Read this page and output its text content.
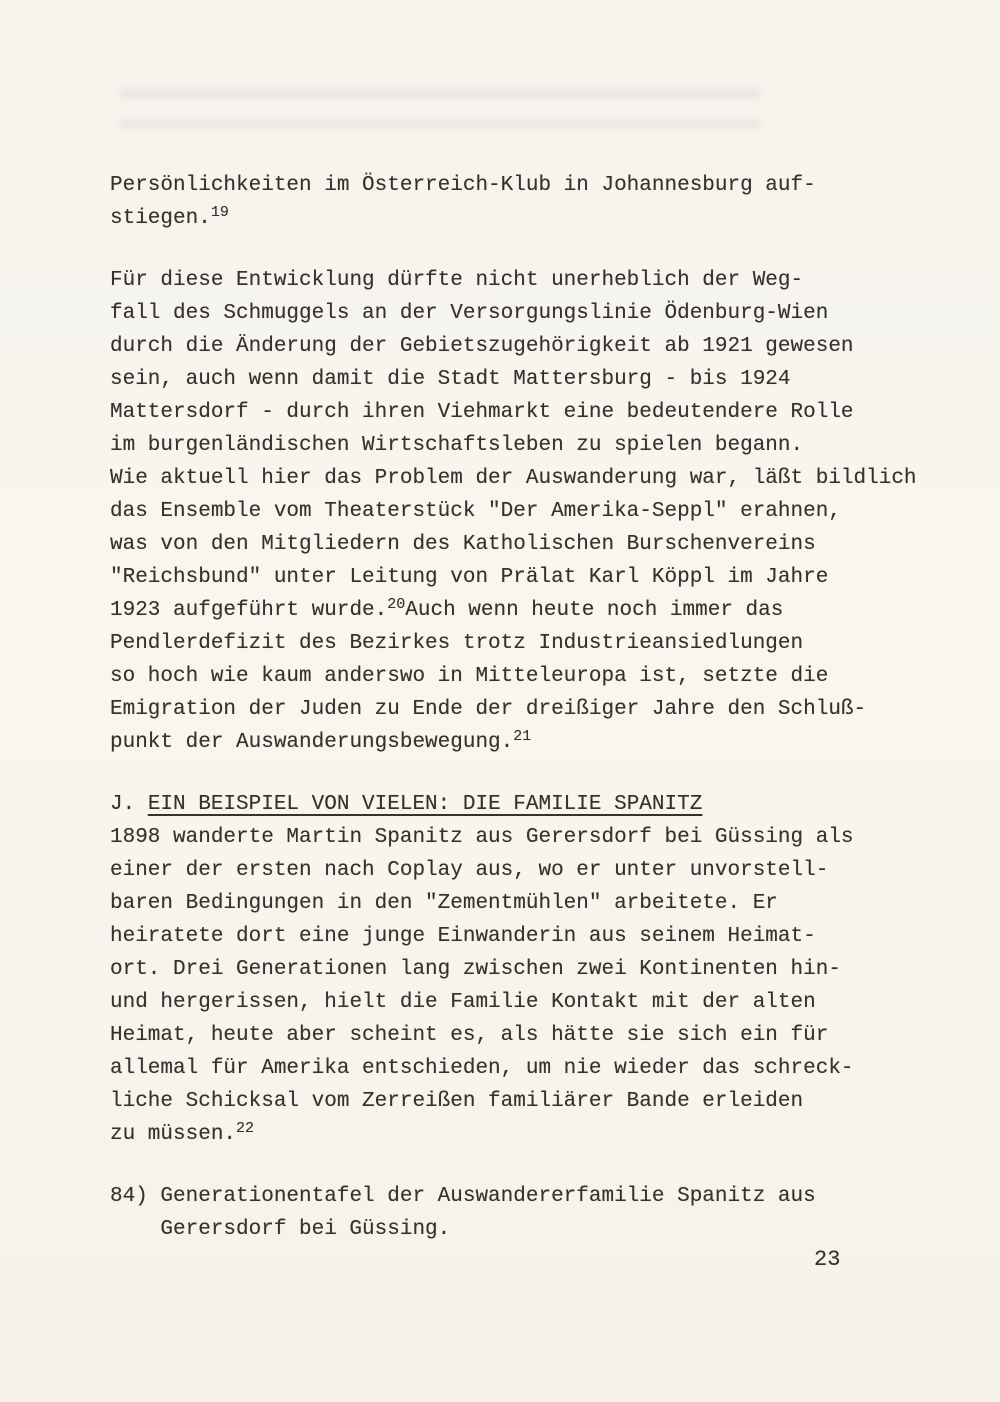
Persönlichkeiten im Österreich-Klub in Johannesburg auf-
stiegen.$^{19}$
Für diese Entwicklung dürfte nicht unerheblich der Weg-
fall des Schmuggels an der Versorgungslinie Ödenburg-Wien
durch die Änderung der Gebietszugehörigkeit ab 1921 gewesen
sein, auch wenn damit die Stadt Mattersburg - bis 1924
Mattersdorf - durch ihren Viehmarkt eine bedeutendere Rolle
im burgenländischen Wirtschaftsleben zu spielen begann.
Wie aktuell hier das Problem der Auswanderung war, läßt bildlich
das Ensemble vom Theaterstück "Der Amerika-Seppl" erahnen,
was von den Mitgliedern des Katholischen Burschenvereins
"Reichsbund" unter Leitung von Prälat Karl Köppl im Jahre
1923 aufgeführt wurde.$^{20}$Auch wenn heute noch immer das
Pendlerdefizit des Bezirkes trotz Industrieansiedlungen
so hoch wie kaum anderswo in Mitteleuropa ist, setzte die
Emigration der Juden zu Ende der dreißiger Jahre den Schluß-
punkt der Auswanderungsbewegung.$^{21}$
J. EIN BEISPIEL VON VIELEN: DIE FAMILIE SPANITZ
1898 wanderte Martin Spanitz aus Gerersdorf bei Güssing als
einer der ersten nach Coplay aus, wo er unter unvorstell-
baren Bedingungen in den "Zementmühlen" arbeitete. Er
heiratete dort eine junge Einwanderin aus seinem Heimat-
ort. Drei Generationen lang zwischen zwei Kontinenten hin-
und hergerissen, hielt die Familie Kontakt mit der alten
Heimat, heute aber scheint es, als hätte sie sich ein für
allemal für Amerika entschieden, um nie wieder das schreck-
liche Schicksal vom Zerreißen familiärer Bande erleiden
zu müssen.$^{22}$
84) Generationentafel der Auswandererfamilie Spanitz aus
Gerersdorf bei Güssing.
23
